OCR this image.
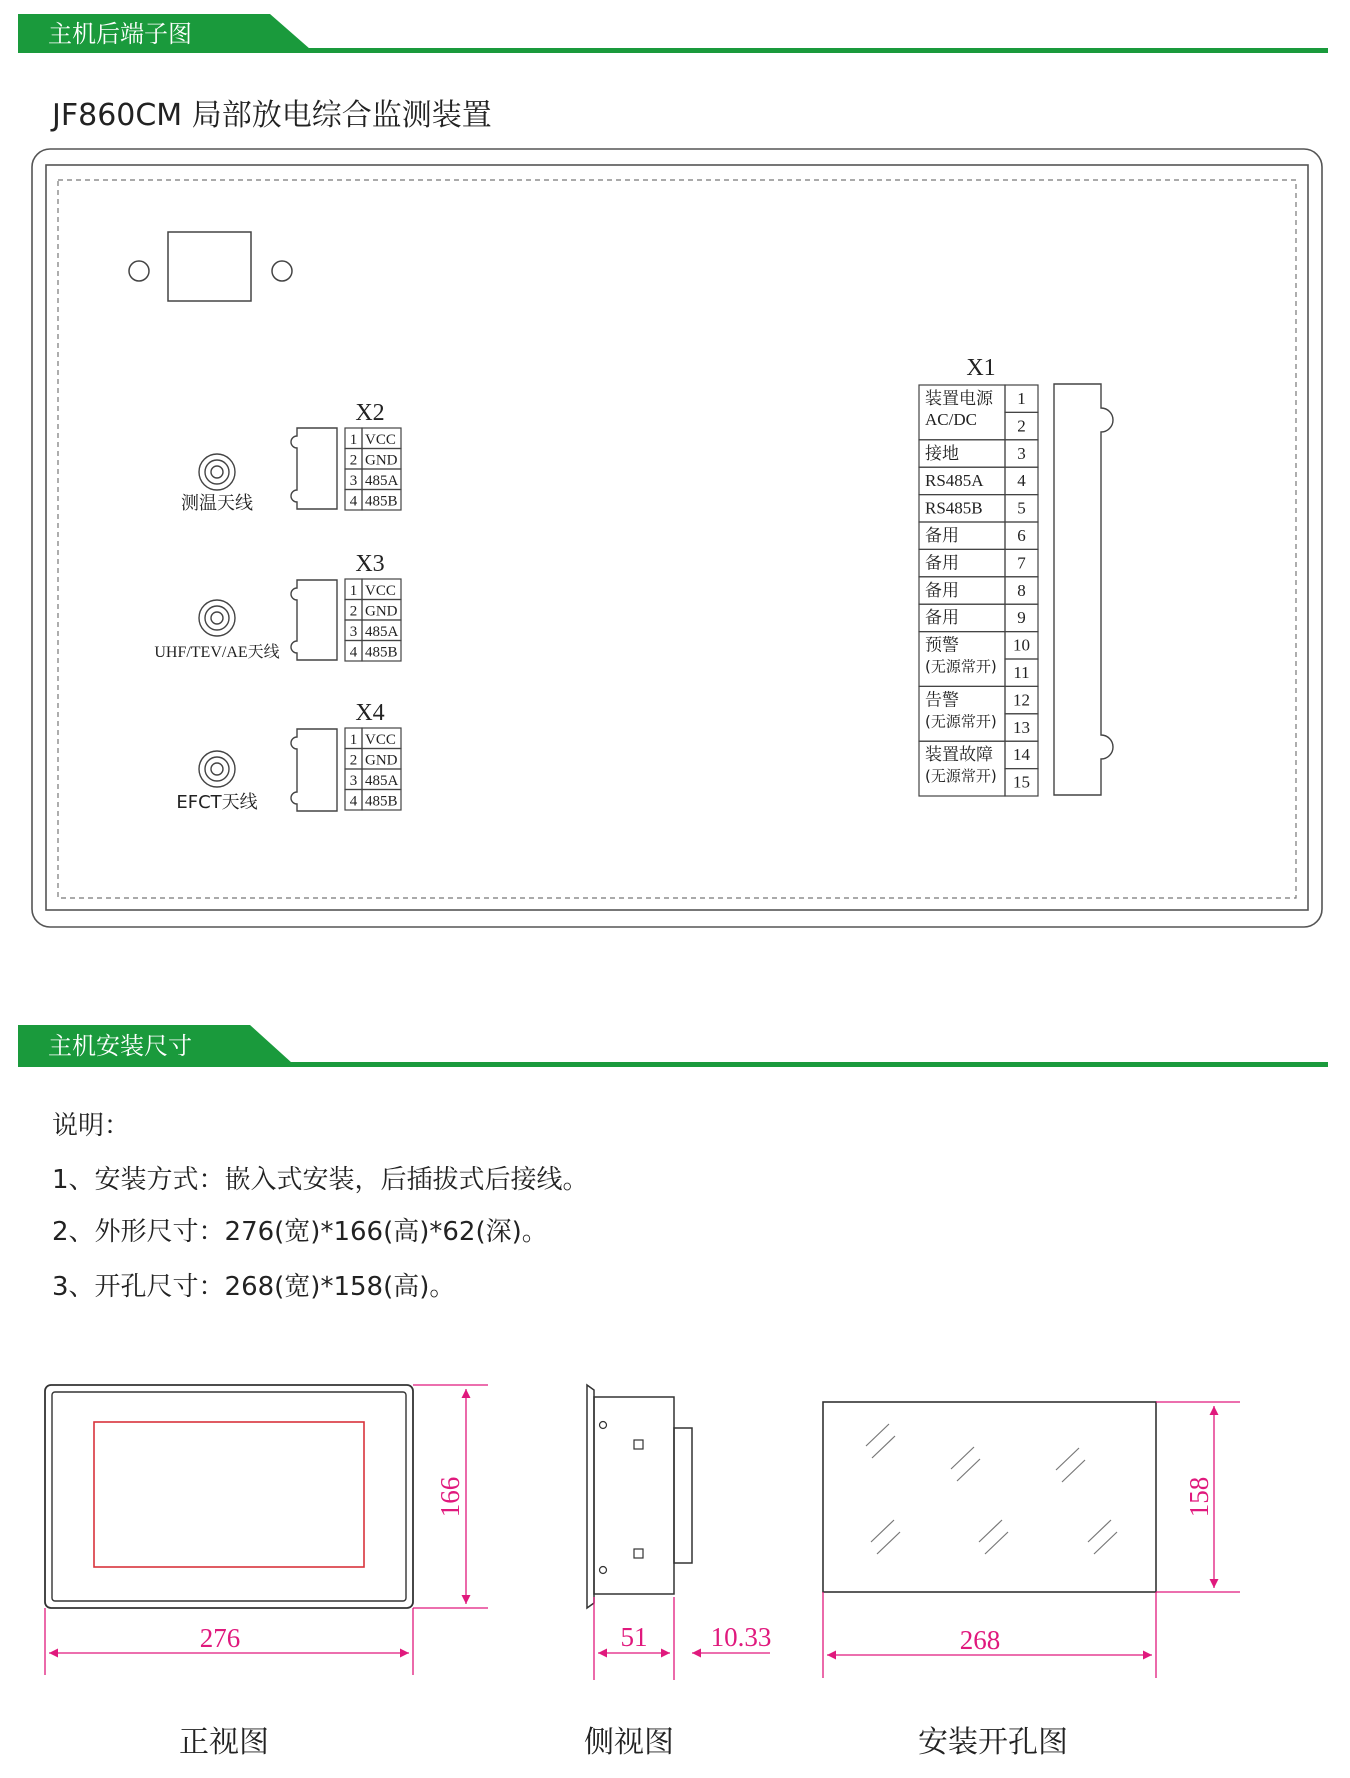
主机后端子图
JF860CM 局部放电综合监测装置
测温天线
X2
1 VCC
2 GND
3 485A
4 485B
UHF/TEV/AE天线
X3
1 VCC
2 GND
3 485A
4 485B
EFCT天线
X4
1 VCC
2 GND
3 485A
4 485B
X1
1
2
装置电源
AC/DC
3
接地
4
RS485A
5
RS485B
6
备用
7
备用
8
备用
9
备用
10
11
预警
(无源常开)
12
13
告警
(无源常开)
14
15
装置故障
(无源常开)
主机安装尺寸
说明：
1、安装方式：嵌入式安装，后插拔式后接线。
2、外形尺寸：276(宽)*166(高)*62(深)。
3、开孔尺寸：268(宽)*158(高)。
166
276
正视图
51 10.33
侧视图
158
268
安装开孔图
